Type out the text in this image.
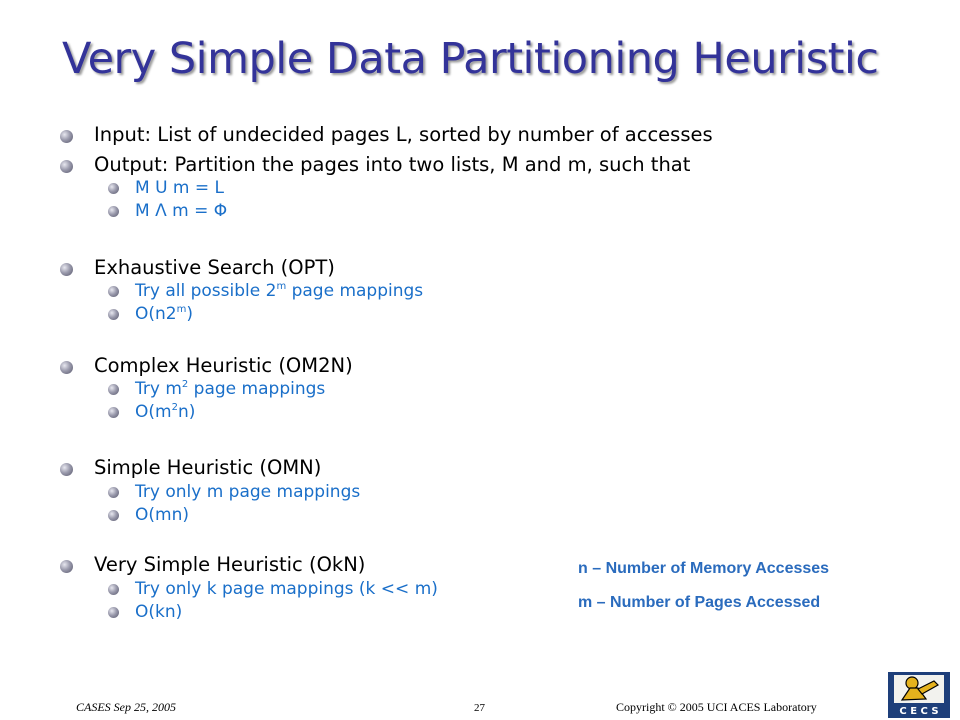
Very Simple Data Partitioning Heuristic
Input: List of undecided pages L, sorted by number of accesses
Output: Partition the pages into two lists, M and m, such that
M U m = L
M Λ m = Φ
Exhaustive Search (OPT)
Try all possible 2$^m$ page mappings
O(n2$^m$)
Complex Heuristic (OM2N)
Try $m^2$ page mappings
$O(m^2n)$
Simple Heuristic (OMN)
Try only m page mappings
O(mn)
Very Simple Heuristic (OkN)
Try only k page mappings (k << m)
O(kn)
n – Number of Memory Accesses
m – Number of Pages Accessed
CASES Sep 25, 2005	27	Copyright © 2005 UCI ACES Laboratory	C E C S
